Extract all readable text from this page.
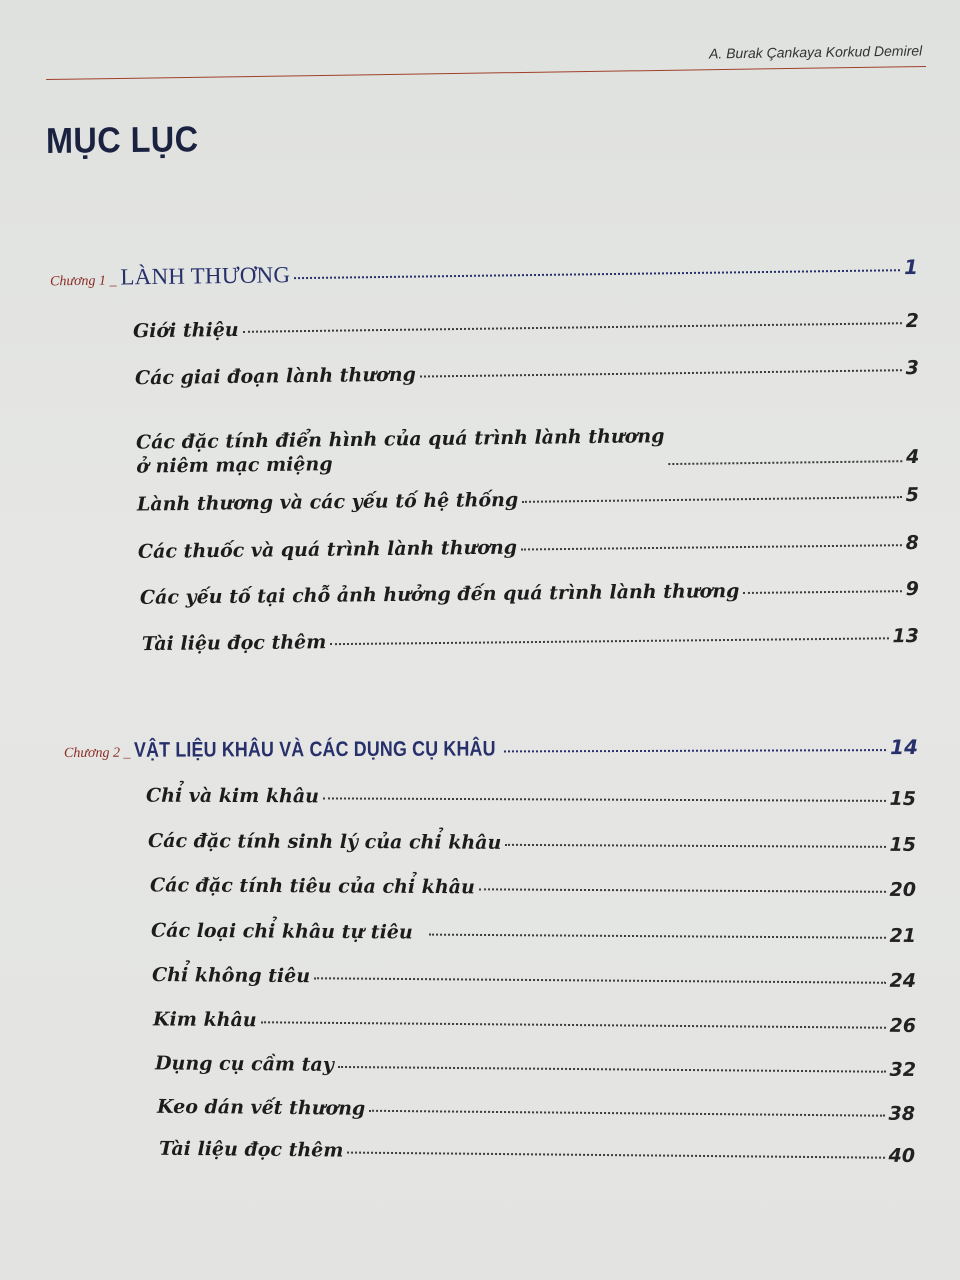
A. Burak Çankaya Korkud Demirel
MỤC LỤC
Chương 1 _ LÀNH THƯƠNG	1
Giới thiệu	2
Các giai đoạn lành thương	3
Các đặc tính điển hình của quá trình lành thương
ở niêm mạc miệng	4
Lành thương và các yếu tố hệ thống	5
Các thuốc và quá trình lành thương	8
Các yếu tố tại chỗ ảnh hưởng đến quá trình lành thương	9
Tài liệu đọc thêm	13
Chương 2 _ VẬT LIỆU KHÂU VÀ CÁC DỤNG CỤ KHÂU	14
Chỉ và kim khâu	15
Các đặc tính sinh lý của chỉ khâu	15
Các đặc tính tiêu của chỉ khâu	20
Các loại chỉ khâu tự tiêu	21
Chỉ không tiêu	24
Kim khâu	26
Dụng cụ cầm tay	32
Keo dán vết thương	38
Tài liệu đọc thêm	40
